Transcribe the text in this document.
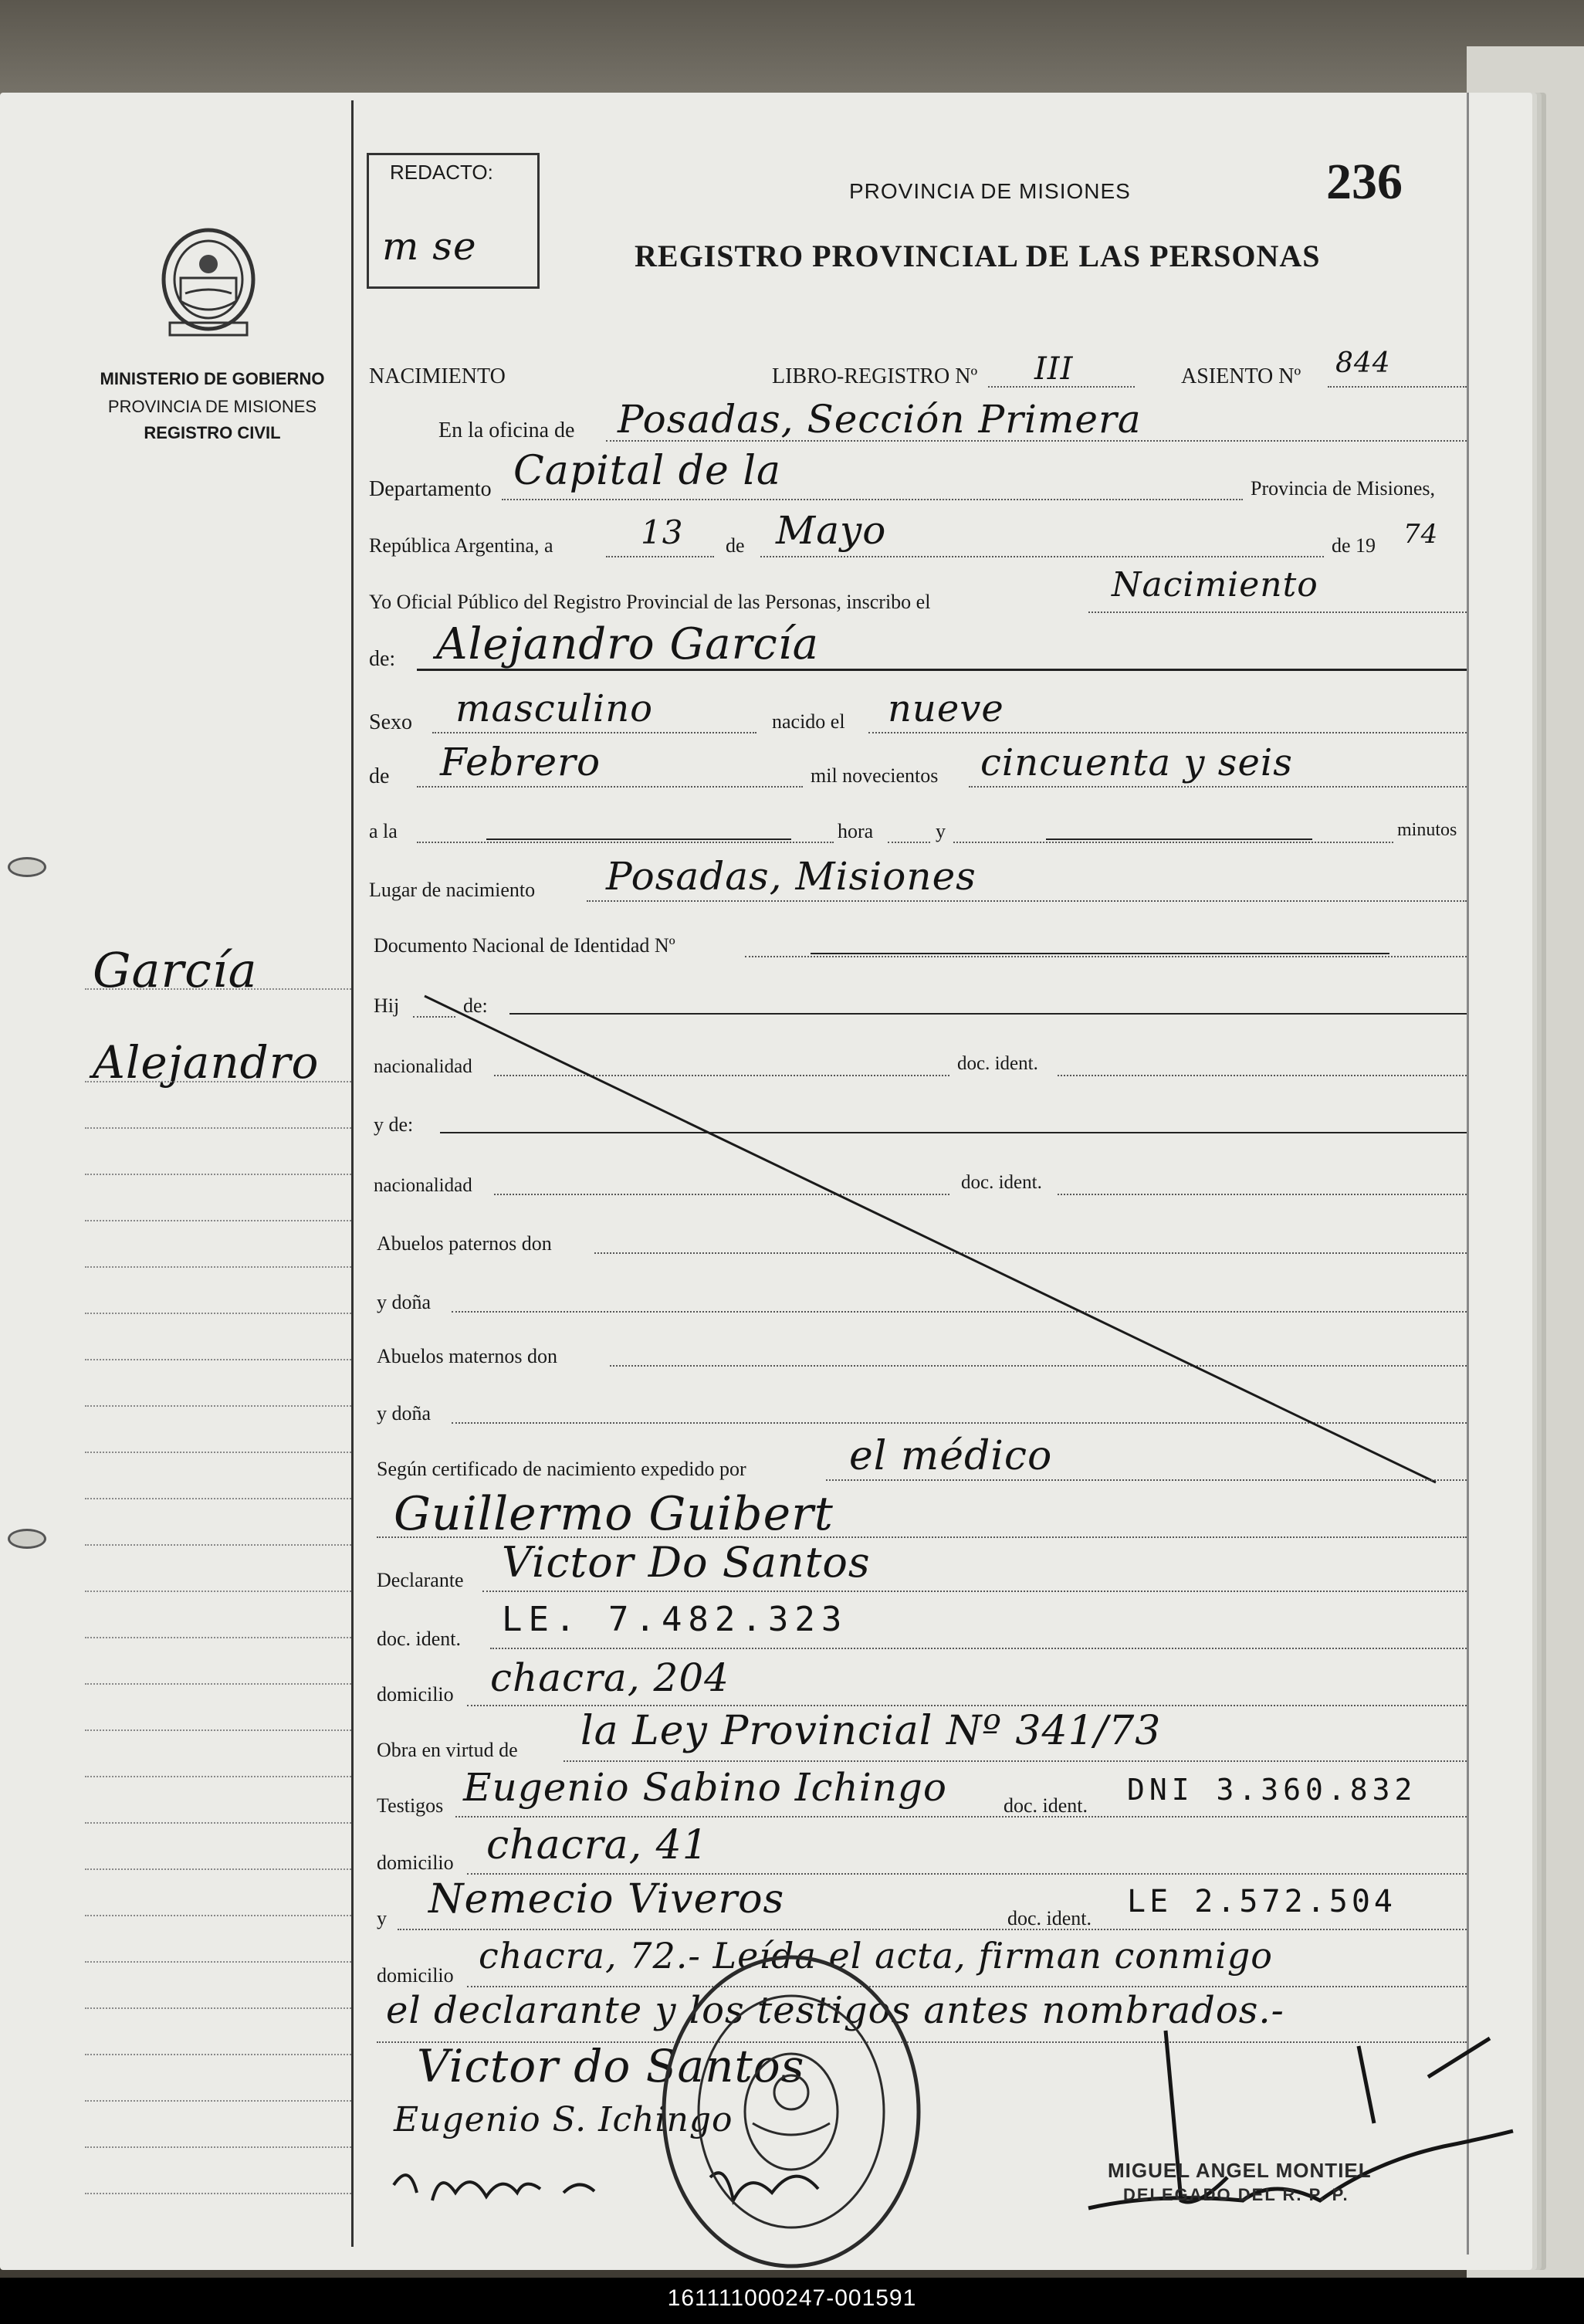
MINISTERIO DE GOBIERNO
PROVINCIA DE MISIONES
REGISTRO CIVIL
García
Alejandro
REDACTO:
m se
PROVINCIA DE MISIONES
REGISTRO PROVINCIAL DE LAS PERSONAS
236
NACIMIENTO	LIBRO-REGISTRO Nº III	ASIENTO Nº 844
En la oficina de Posadas, Sección Primera
Departamento Capital de la	Provincia de Misiones,
República Argentina, a	13 de Mayo	de 19 74
Yo Oficial Público del Registro Provincial de las Personas, inscribo el	Nacimiento
de: Alejandro García
Sexo masculino	nacido el nueve
de Febrero	mil novecientos cincuenta y seis
a la	hora	y	minutos
Lugar de nacimiento Posadas, Misiones
Documento Nacional de Identidad Nº
Hij	de:
nacionalidad	doc. ident.
y de:
nacionalidad	doc. ident.
Abuelos paternos don
y doña
Abuelos maternos don
y doña
Según certificado de nacimiento expedido por	el médico
Guillermo Guibert
Declarante Victor Do Santos
doc. ident. LE. 7.482.323
domicilio chacra, 204
Obra en virtud de la Ley Provincial Nº 341/73
Testigos Eugenio Sabino Ichingo	doc. ident. DNI 3.360.832
domicilio chacra, 41
y Nemecio Viveros	doc. ident. LE 2.572.504
domicilio chacra, 72.- Leída el acta, firman conmigo
el declarante y los testigos antes nombrados.-
Victor do Santos
Eugenio S. Ichingo
MIGUEL ANGEL MONTIEL
DELEGADO DEL R. P. P.
161111000247-001591
